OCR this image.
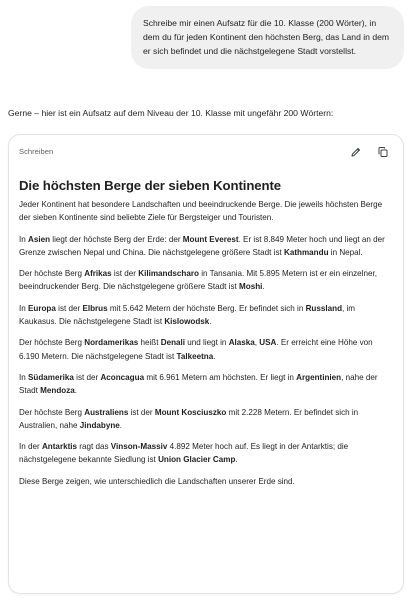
Schreibe mir einen Aufsatz für die 10. Klasse (200 Wörter), in dem du für jeden Kontinent den höchsten Berg, das Land in dem er sich befindet und die nächstgelegene Stadt vorstellst.

Gerne – hier ist ein Aufsatz auf dem Niveau der 10. Klasse mit ungefähr 200 Wörtern:

Schreiben
Die höchsten Berge der sieben Kontinente

Jeder Kontinent hat besondere Landschaften und beeindruckende Berge. Die jeweils höchsten Berge der sieben Kontinente sind beliebte Ziele für Bergsteiger und Touristen.

In Asien liegt der höchste Berg der Erde: der Mount Everest. Er ist 8.849 Meter hoch und liegt an der Grenze zwischen Nepal und China. Die nächstgelegene größere Stadt ist Kathmandu in Nepal.

Der höchste Berg Afrikas ist der Kilimandscharo in Tansania. Mit 5.895 Metern ist er ein einzelner, beeindruckender Berg. Die nächstgelegene größere Stadt ist Moshi.

In Europa ist der Elbrus mit 5.642 Metern der höchste Berg. Er befindet sich in Russland, im Kaukasus. Die nächstgelegene Stadt ist Kislowodsk.

Der höchste Berg Nordamerikas heißt Denali und liegt in Alaska, USA. Er erreicht eine Höhe von 6.190 Metern. Die nächstgelegene Stadt ist Talkeetna.

In Südamerika ist der Aconcagua mit 6.961 Metern am höchsten. Er liegt in Argentinien, nahe der Stadt Mendoza.

Der höchste Berg Australiens ist der Mount Kosciuszko mit 2.228 Metern. Er befindet sich in Australien, nahe Jindabyne.

In der Antarktis ragt das Vinson-Massiv 4.892 Meter hoch auf. Es liegt in der Antarktis; die nächstgelegene bekannte Siedlung ist Union Glacier Camp.

Diese Berge zeigen, wie unterschiedlich die Landschaften unserer Erde sind.
